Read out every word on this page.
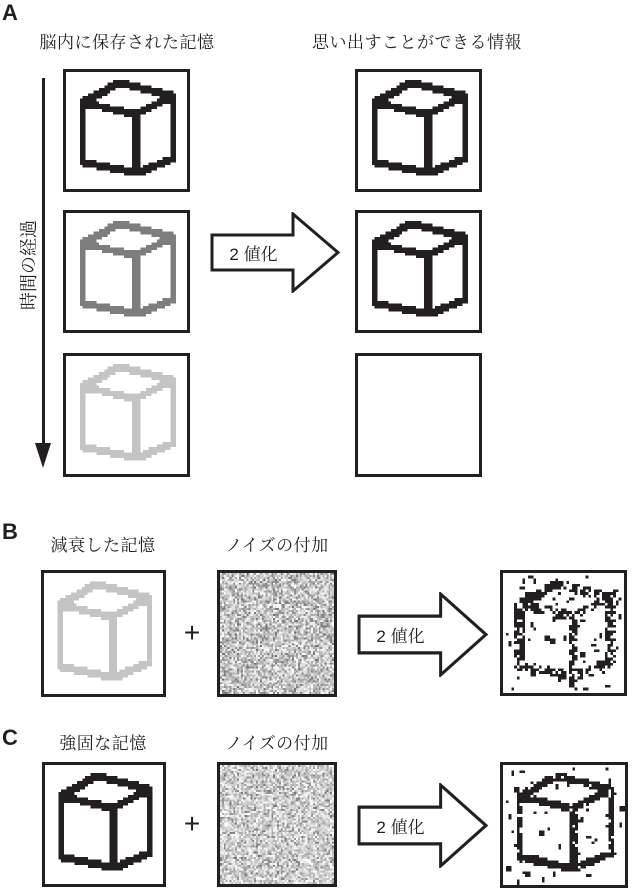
A
脳内に保存された記憶	思い出すことができる情報
時間の経過	2 値化
B
減衰した記憶	ノイズの付加
+	2 値化
C	強固な記憶	ノイズの付加
+	2 値化
